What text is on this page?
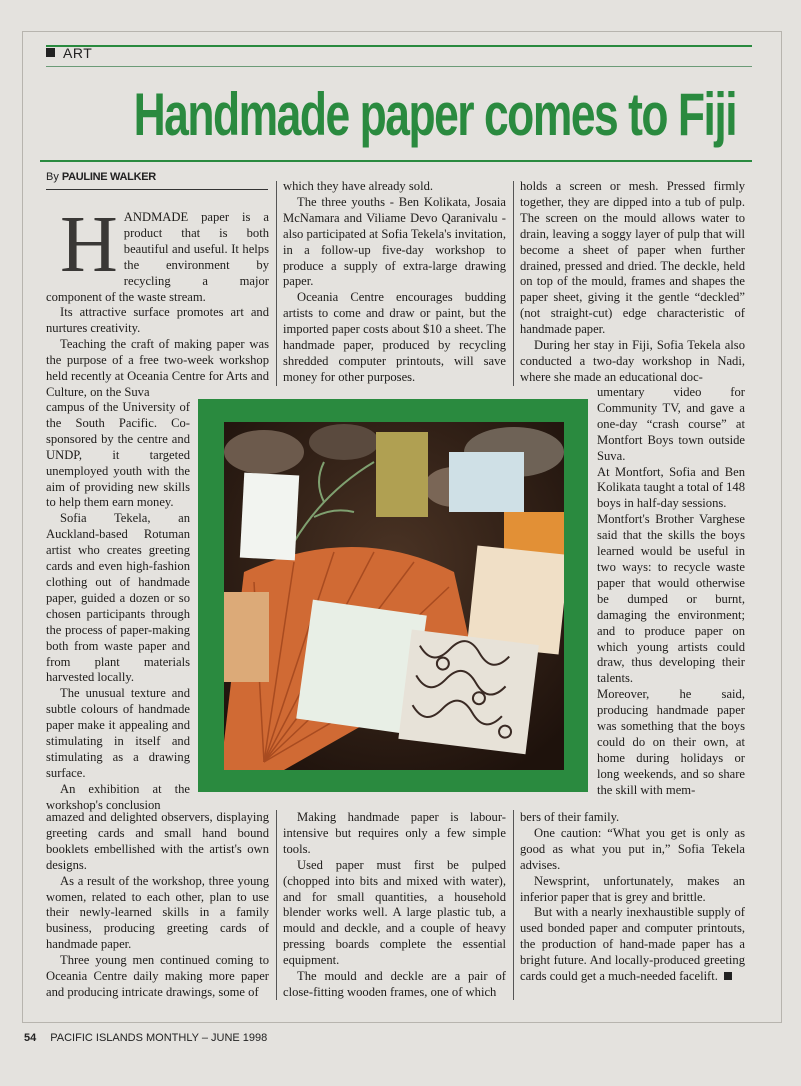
ART
Handmade paper comes to Fiji
By PAULINE WALKER

HANDMADE paper is a product that is both beautiful and useful. It helps the environment by recycling a major component of the waste stream.

Its attractive surface promotes art and nurtures creativity.

Teaching the craft of making paper was the purpose of a free two-week workshop held recently at Oceania Centre for Arts and Culture, on the Suva

campus of the University of the South Pacific. Co-sponsored by the centre and UNDP, it targeted unemployed youth with the aim of providing new skills to help them earn money.

Sofia Tekela, an Auckland-based Rotuman artist who creates greeting cards and even high-fashion clothing out of handmade paper, guided a dozen or so chosen participants through the process of paper-making both from waste paper and from plant materials harvested locally.

The unusual texture and subtle colours of handmade paper make it appealing and stimulating in itself and stimulating as a drawing surface.

An exhibition at the workshop's conclusion

amazed and delighted observers, displaying greeting cards and small hand bound booklets embellished with the artist's own designs.

As a result of the workshop, three young women, related to each other, plan to use their newly-learned skills in a family business, producing greeting cards of handmade paper.

Three young men continued coming to Oceania Centre daily making more paper and producing intricate drawings, some of

which they have already sold.

The three youths - Ben Kolikata, Josaia McNamara and Viliame Devo Qaranivalu - also participated at Sofia Tekela's invitation, in a follow-up five-day workshop to produce a supply of extra-large drawing paper.

Oceania Centre encourages budding artists to come and draw or paint, but the imported paper costs about $10 a sheet. The handmade paper, produced by recycling shredded computer printouts, will save money for other purposes.

Making handmade paper is labour-intensive but requires only a few simple tools.

Used paper must first be pulped (chopped into bits and mixed with water), and for small quantities, a household blender works well. A large plastic tub, a mould and deckle, and a couple of heavy pressing boards complete the essential equipment.

The mould and deckle are a pair of close-fitting wooden frames, one of which

holds a screen or mesh. Pressed firmly together, they are dipped into a tub of pulp. The screen on the mould allows water to drain, leaving a soggy layer of pulp that will become a sheet of paper when further drained, pressed and dried. The deckle, held on top of the mould, frames and shapes the paper sheet, giving it the gentle “deckled” (not straight-cut) edge characteristic of handmade paper.

During her stay in Fiji, Sofia Tekela also conducted a two-day workshop in Nadi, where she made an educational doc-

umentary video for Community TV, and gave a one-day “crash course” at Montfort Boys town outside Suva.

At Montfort, Sofia and Ben Kolikata taught a total of 148 boys in half-day sessions.

Montfort's Brother Varghese said that the skills the boys learned would be useful in two ways: to recycle waste paper that would otherwise be dumped or burnt, damaging the environment; and to produce paper on which young artists could draw, thus developing their talents.

Moreover, he said, producing handmade paper was something that the boys could do on their own, at home during holidays or long weekends, and so share the skill with mem-

bers of their family.

One caution: “What you get is only as good as what you put in,” Sofia Tekela advises.

Newsprint, unfortunately, makes an inferior paper that is grey and brittle.

But with a nearly inexhaustible supply of used bonded paper and computer printouts, the production of hand-made paper has a bright future. And locally-produced greeting cards could get a much-needed facelift.

54 PACIFIC ISLANDS MONTHLY – JUNE 1998
